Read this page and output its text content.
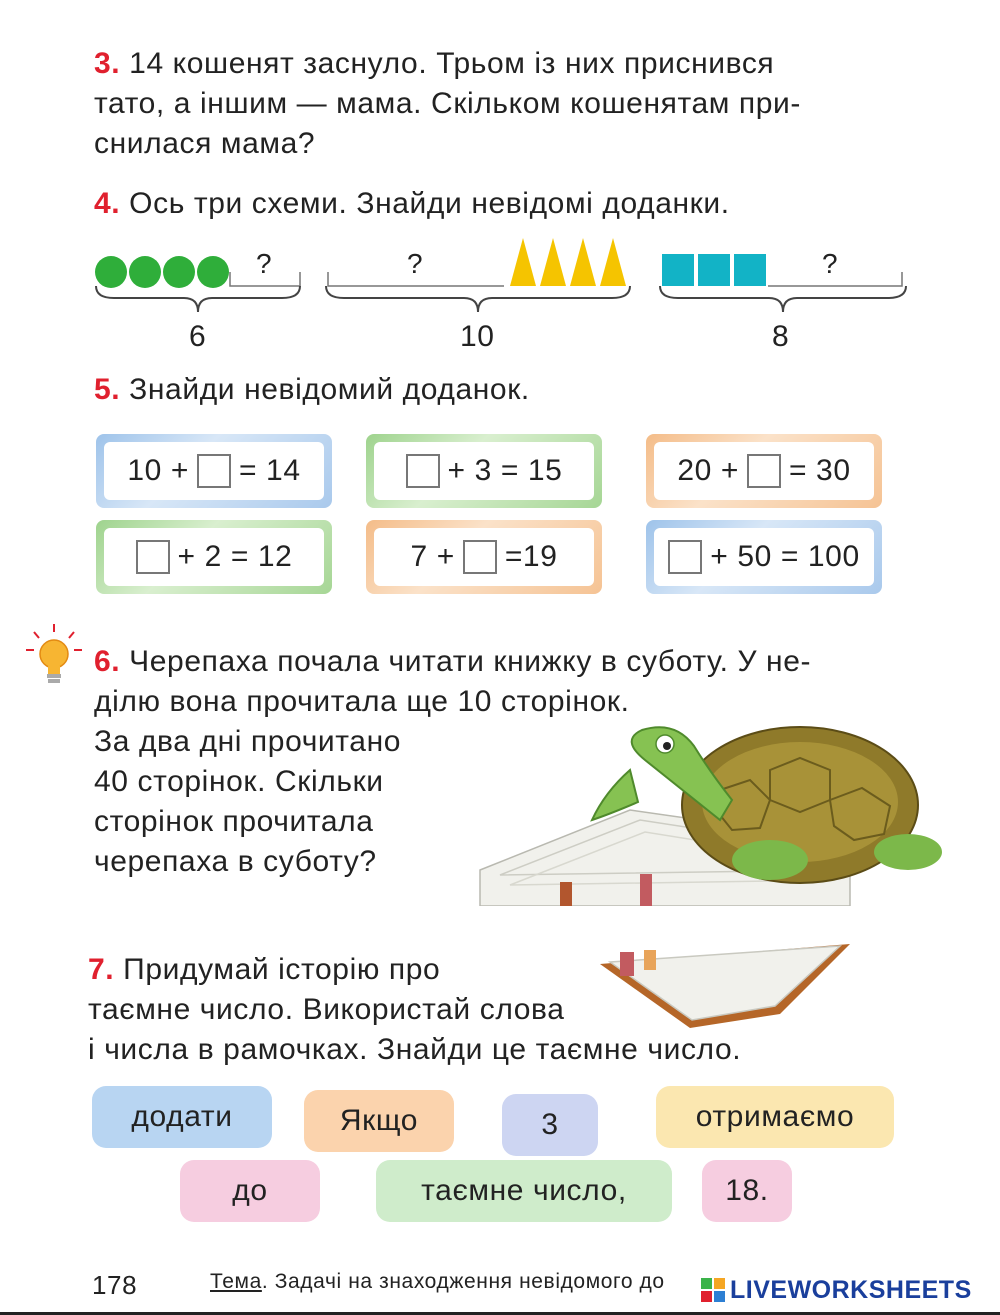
3. 14 кошенят заснуло. Трьом із них приснився
тато, а іншим — мама. Скільком кошенятам при-
снилася мама?
4. Ось три схеми. Знайди невідомі доданки.
?
6
?
10
?
8
5. Знайди невідомий доданок.
10 + = 14	+ 3 = 15	20 + = 30
+ 2 = 12	7 + =19	+ 50 = 100
6. Черепаха почала читати книжку в суботу. У не-
ділю вона прочитала ще 10 сторінок.
За два дні прочитано
40 сторінок. Скільки
сторінок прочитала
черепаха в суботу?
7. Придумай історію про
таємне число. Використай слова
і числа в рамочках. Знайди це таємне число.
додати	Якщо	3	отримаємо
до	таємне число,	18.
178	Тема. Задачі на знаходження невідомого до	LIVEWORKSHEETS
